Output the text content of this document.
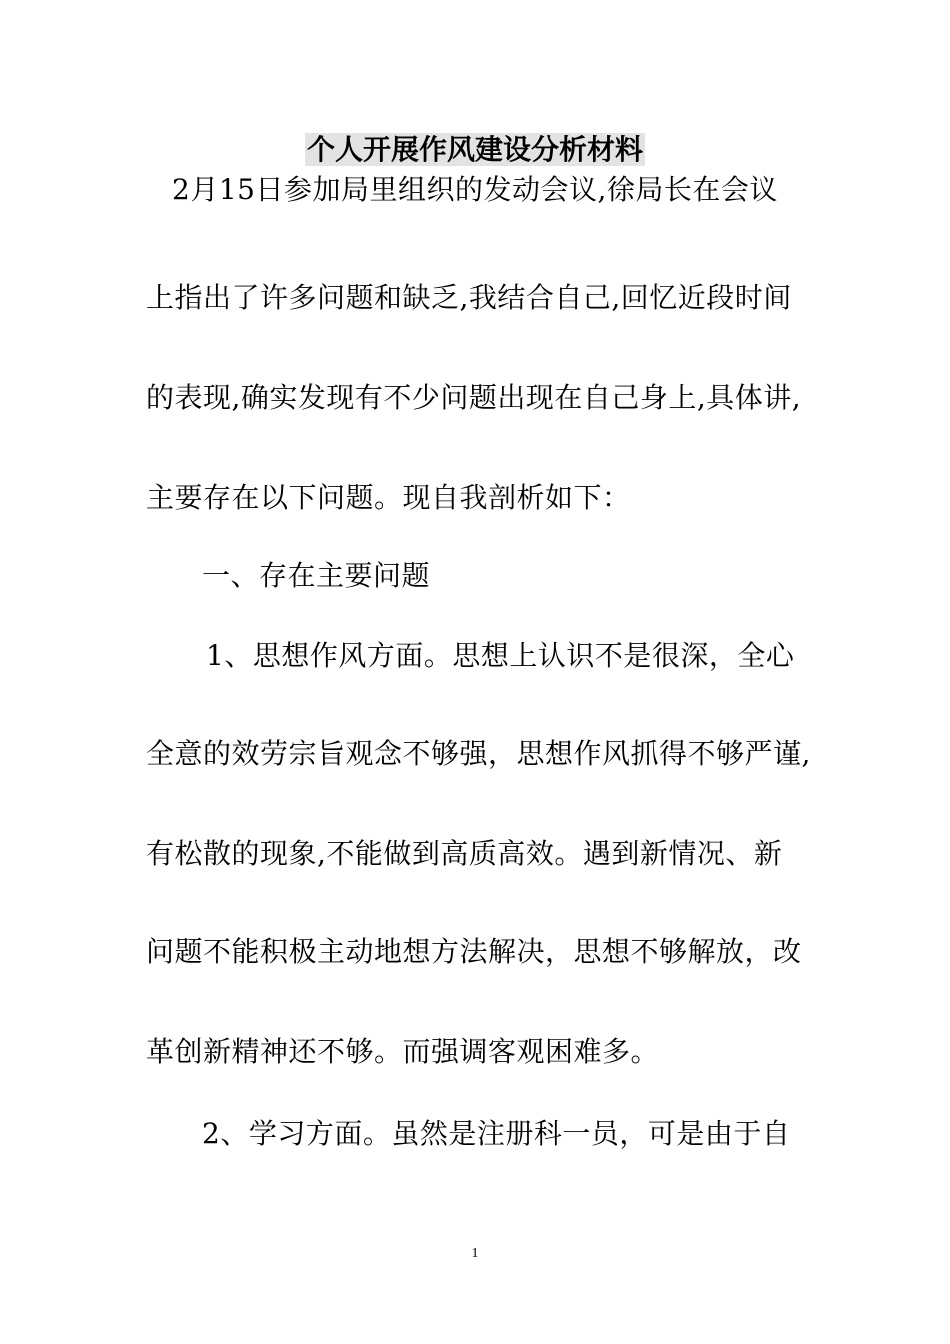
个人开展作风建设分析材料
2月15日参加局里组织的发动会议,徐局长在会议
上指出了许多问题和缺乏,我结合自己,回忆近段时间
的表现,确实发现有不少问题出现在自己身上,具体讲,
主要存在以下问题。现自我剖析如下：
一、存在主要问题
1、思想作风方面。思想上认识不是很深，全心
全意的效劳宗旨观念不够强，思想作风抓得不够严谨,
有松散的现象,不能做到高质高效。遇到新情况、新
问题不能积极主动地想方法解决，思想不够解放，改
革创新精神还不够。而强调客观困难多。
2、学习方面。虽然是注册科一员，可是由于自
1
